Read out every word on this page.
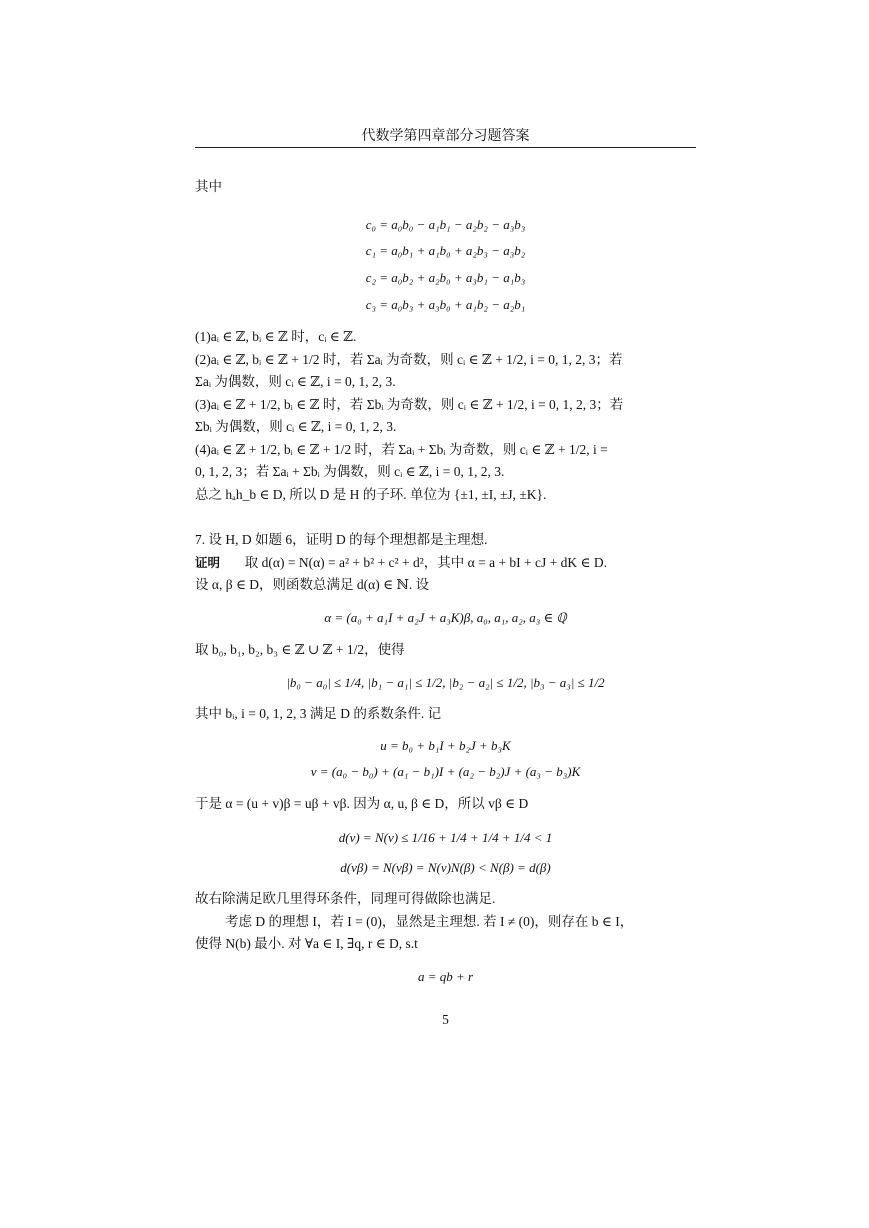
代数学第四章部分习题答案
其中
c₀ = a₀b₀ − a₁b₁ − a₂b₂ − a₃b₃
c₁ = a₀b₁ + a₁b₀ + a₂b₃ − a₃b₂
c₂ = a₀b₂ + a₂b₀ + a₃b₁ − a₁b₃
c₃ = a₀b₃ + a₃b₀ + a₁b₂ − a₂b₁
(1)aᵢ ∈ ℤ, bᵢ ∈ ℤ 时，cᵢ ∈ ℤ.
(2)aᵢ ∈ ℤ, bᵢ ∈ ℤ + 1/2 时，若 Σaᵢ 为奇数，则 cᵢ ∈ ℤ + 1/2, i = 0, 1, 2, 3；若
Σaᵢ 为偶数，则 cᵢ ∈ ℤ, i = 0, 1, 2, 3.
(3)aᵢ ∈ ℤ + 1/2, bᵢ ∈ ℤ 时，若 Σbᵢ 为奇数，则 cᵢ ∈ ℤ + 1/2, i = 0, 1, 2, 3；若
Σbᵢ 为偶数，则 cᵢ ∈ ℤ, i = 0, 1, 2, 3.
(4)aᵢ ∈ ℤ + 1/2, bᵢ ∈ ℤ + 1/2 时，若 Σaᵢ + Σbᵢ 为奇数，则 cᵢ ∈ ℤ + 1/2, i =
0, 1, 2, 3；若 Σaᵢ + Σbᵢ 为偶数，则 cᵢ ∈ ℤ, i = 0, 1, 2, 3.
总之 hₐh_b ∈ D, 所以 D 是 H 的子环. 单位为 {±1, ±I, ±J, ±K}.
7. 设 H, D 如题 6，证明 D 的每个理想都是主理想.
证明 取 d(α) = N(α) = a² + b² + c² + d²，其中 α = a + bI + cJ + dK ∈ D.
设 α, β ∈ D，则函数总满足 d(α) ∈ ℕ. 设
α = (a₀ + a₁I + a₂J + a₃K)β, a₀, a₁, a₂, a₃ ∈ ℚ
取 b₀, b₁, b₂, b₃ ∈ ℤ ∪ ℤ + 1/2，使得
|b₀ − a₀| ≤ 1/4, |b₁ − a₁| ≤ 1/2, |b₂ − a₂| ≤ 1/2, |b₃ − a₃| ≤ 1/2
其中 bᵢ, i = 0, 1, 2, 3 满足 D 的系数条件. 记
u = b₀ + b₁I + b₂J + b₃K
v = (a₀ − b₀) + (a₁ − b₁)I + (a₂ − b₂)J + (a₃ − b₃)K
于是 α = (u + v)β = uβ + vβ. 因为 α, u, β ∈ D，所以 vβ ∈ D
d(v) = N(v) ≤ 1/16 + 1/4 + 1/4 + 1/4 < 1
d(vβ) = N(vβ) = N(v)N(β) < N(β) = d(β)
故右除满足欧几里得环条件，同理可得做除也满足.
考虑 D 的理想 I，若 I = (0)，显然是主理想. 若 I ≠ (0)，则存在 b ∈ I，
使得 N(b) 最小. 对 ∀a ∈ I, ∃q, r ∈ D, s.t
a = qb + r
5
